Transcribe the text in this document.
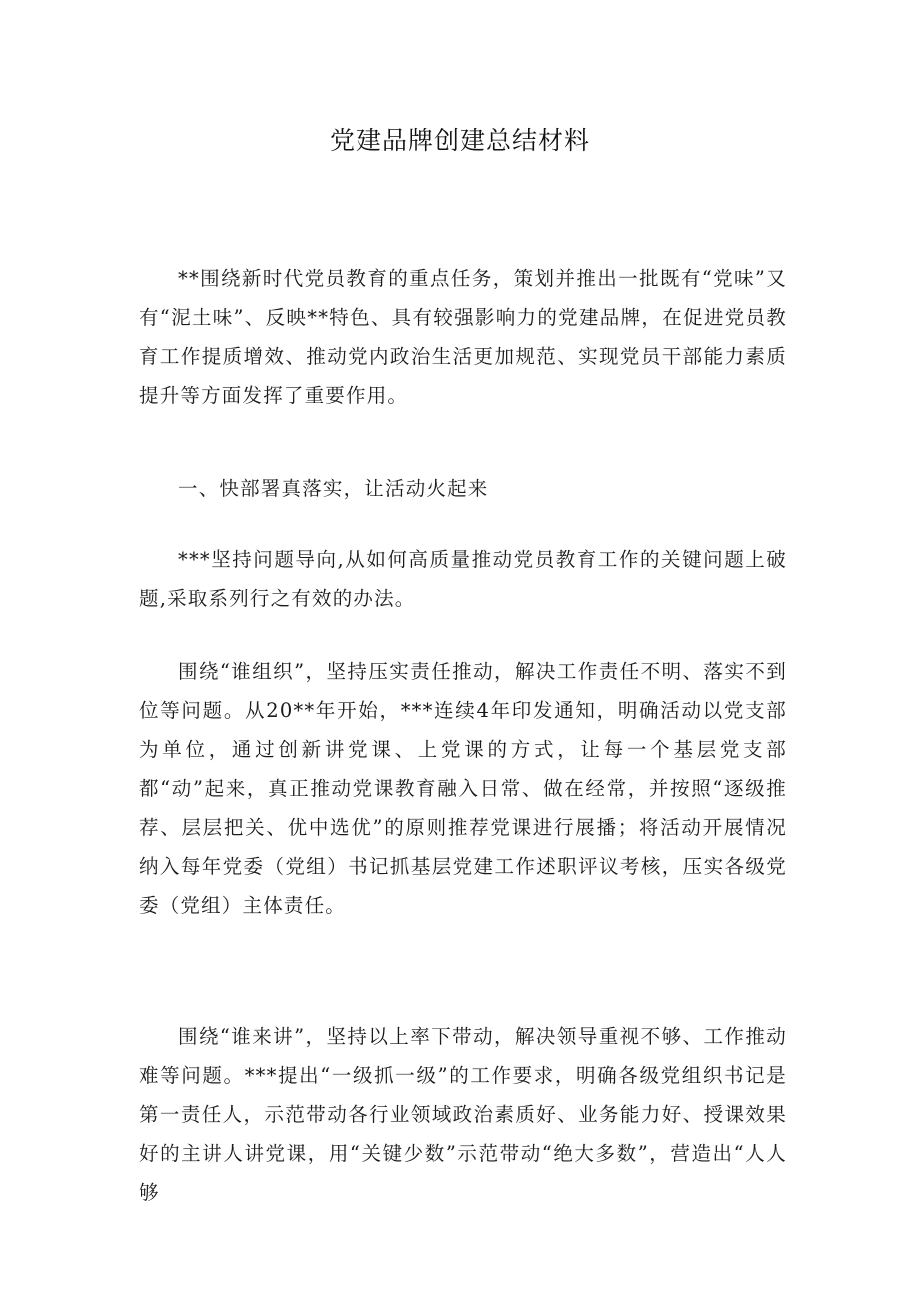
党建品牌创建总结材料

**围绕新时代党员教育的重点任务，策划并推出一批既有“党味”又有“泥土味”、反映**特色、具有较强影响力的党建品牌，在促进党员教育工作提质增效、推动党内政治生活更加规范、实现党员干部能力素质提升等方面发挥了重要作用。

一、快部署真落实，让活动火起来

***坚持问题导向,从如何高质量推动党员教育工作的关键问题上破题,采取系列行之有效的办法。

围绕“谁组织”，坚持压实责任推动，解决工作责任不明、落实不到位等问题。从20**年开始，***连续4年印发通知，明确活动以党支部为单位，通过创新讲党课、上党课的方式，让每一个基层党支部都“动”起来，真正推动党课教育融入日常、做在经常，并按照“逐级推荐、层层把关、优中选优”的原则推荐党课进行展播；将活动开展情况纳入每年党委（党组）书记抓基层党建工作述职评议考核，压实各级党委（党组）主体责任。

围绕“谁来讲”，坚持以上率下带动，解决领导重视不够、工作推动难等问题。***提出“一级抓一级”的工作要求，明确各级党组织书记是第一责任人，示范带动各行业领域政治素质好、业务能力好、授课效果好的主讲人讲党课，用“关键少数”示范带动“绝大多数”，营造出“人人够
